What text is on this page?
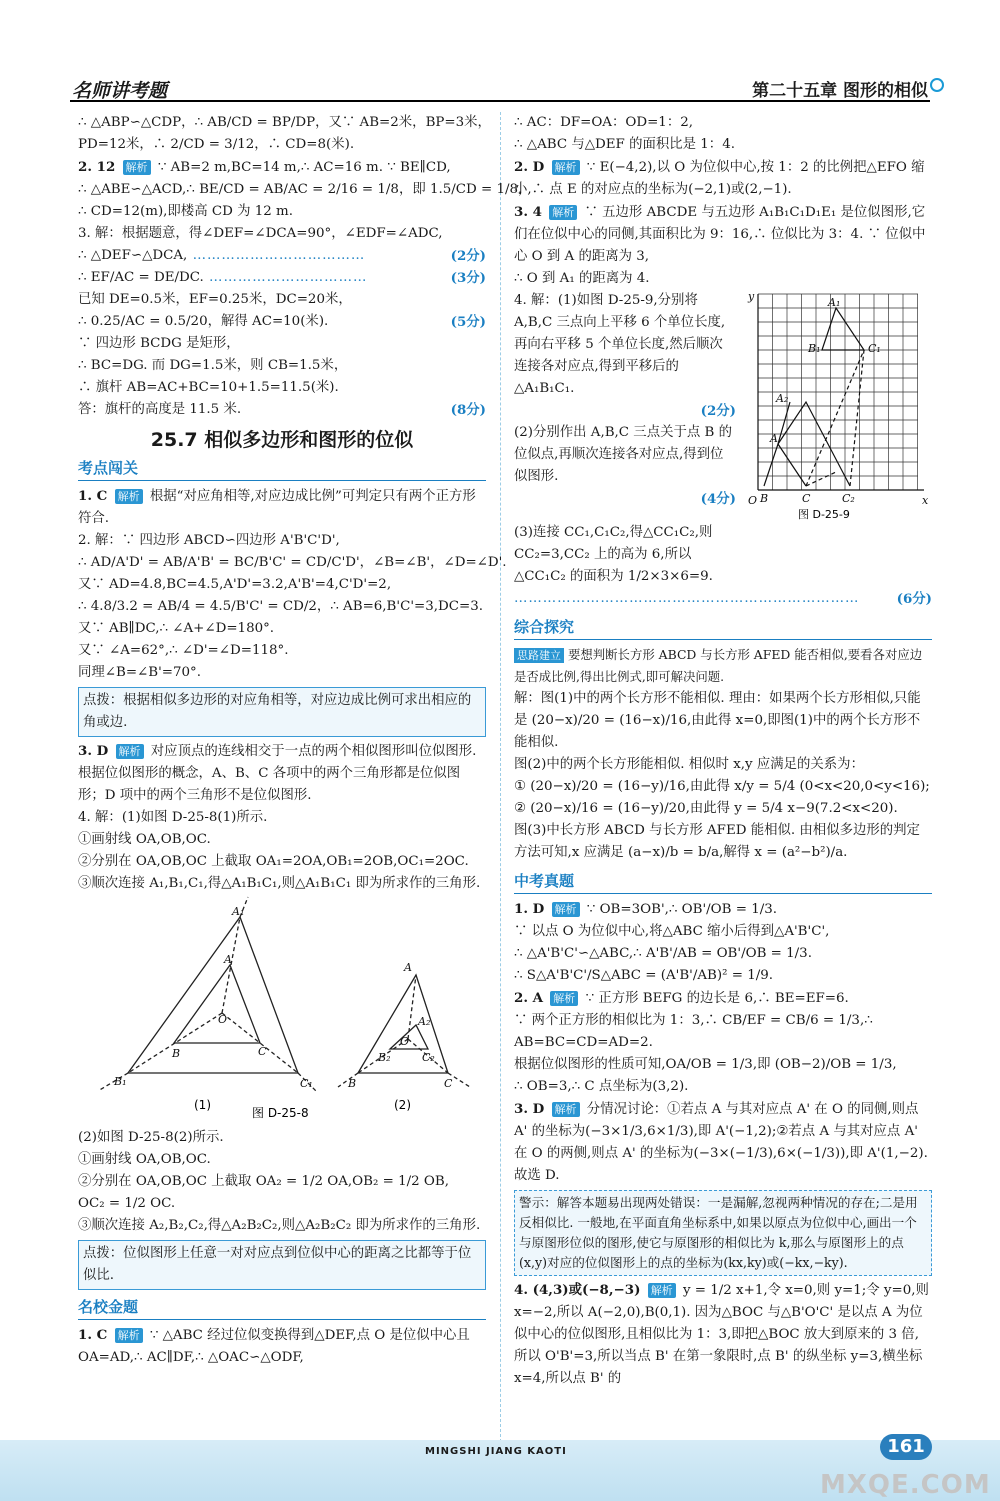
名师讲考题	第二十五章 图形的相似
∴ △ABP∽△CDP，∴ AB/CD = BP/DP，又∵ AB=2米，BP=3米，
PD=12米，∴ 2/CD = 3/12，∴ CD=8(米).
2. 12 解析 ∵ AB=2 m,BC=14 m,∴ AC=16 m. ∵ BE∥CD,
∴ △ABE∽△ACD,∴ BE/CD = AB/AC = 2/16 = 1/8，即 1.5/CD = 1/8，
∴ CD=12(m),即楼高 CD 为 12 m.
3. 解：根据题意，得∠DEF=∠DCA=90°，∠EDF=∠ADC,
∴ △DEF∽△DCA, ………………………………	(2分)
∴ EF/AC = DE/DC. ……………………………	(3分)
已知 DE=0.5米，EF=0.25米，DC=20米，
∴ 0.25/AC = 0.5/20，解得 AC=10(米).	(5分)
∵ 四边形 BCDG 是矩形，
∴ BC=DG. 而 DG=1.5米，则 CB=1.5米，
∴ 旗杆 AB=AC+BC=10+1.5=11.5(米).
答：旗杆的高度是 11.5 米.	(8分)
25.7 相似多边形和图形的位似
考点闯关
1. C 解析 根据“对应角相等,对应边成比例”可判定只有两个正方形符合.
2. 解：∵ 四边形 ABCD∽四边形 A'B'C'D',
∴ AD/A'D' = AB/A'B' = BC/B'C' = CD/C'D'，∠B=∠B'，∠D=∠D'.
又∵ AD=4.8,BC=4.5,A'D'=3.2,A'B'=4,C'D'=2,
∴ 4.8/3.2 = AB/4 = 4.5/B'C' = CD/2，∴ AB=6,B'C'=3,DC=3.
又∵ AB∥DC,∴ ∠A+∠D=180°.
又∵ ∠A=62°,∴ ∠D'=∠D=118°.
同理∠B=∠B'=70°.
点拨：根据相似多边形的对应角相等，对应边成比例可求出相应的角或边.
3. D 解析 对应顶点的连线相交于一点的两个相似图形叫位似图形. 根据位似图形的概念，A、B、C 各项中的两个三角形都是位似图形；D 项中的两个三角形不是位似图形.
4. 解：(1)如图 D-25-8(1)所示.
①画射线 OA,OB,OC.
②分别在 OA,OB,OC 上截取 OA₁=2OA,OB₁=2OB,OC₁=2OC.
③顺次连接 A₁,B₁,C₁,得△A₁B₁C₁,则△A₁B₁C₁ 即为所求作的三角形.
A₁
B₁	C₁
A
B	C
O
A
B	C
A₂
B₂	C₂
O
(1)
图 D-25-8
(2)
(2)如图 D-25-8(2)所示.
①画射线 OA,OB,OC.
②分别在 OA,OB,OC 上截取 OA₂ = 1/2 OA,OB₂ = 1/2 OB,
OC₂ = 1/2 OC.
③顺次连接 A₂,B₂,C₂,得△A₂B₂C₂,则△A₂B₂C₂ 即为所求作的三角形.
点拨：位似图形上任意一对对应点到位似中心的距离之比都等于位似比.
名校金题
1. C 解析 ∵ △ABC 经过位似变换得到△DEF,点 O 是位似中心且 OA=AD,∴ AC∥DF,∴ △OAC∽△ODF,
∴ AC：DF=OA：OD=1：2,
∴ △ABC 与△DEF 的面积比是 1：4.
2. D 解析 ∵ E(−4,2),以 O 为位似中心,按 1：2 的比例把△EFO 缩小,∴ 点 E 的对应点的坐标为(−2,1)或(2,−1).
3. 4 解析 ∵ 五边形 ABCDE 与五边形 A₁B₁C₁D₁E₁ 是位似图形,它们在位似中心的同侧,其面积比为 9：16,∴ 位似比为 3：4. ∵ 位似中心 O 到 A 的距离为 3,
∴ O 到 A₁ 的距离为 4.
4. 解：(1)如图 D-25-9,分别将 A,B,C 三点向上平移 6 个单位长度,再向右平移 5 个单位长度,然后顺次连接各对应点,得到平移后的△A₁B₁C₁.
(2分)
(2)分别作出 A,B,C 三点关于点 B 的位似点,再顺次连接各对应点,得到位似图形.
(4分)
y
x
O
A
B	C
A₁
B₁	C₁
A₂
C₂
图 D-25-9
(3)连接 CC₁,C₁C₂,得△CC₁C₂,则 CC₂=3,CC₂ 上的高为 6,所以△CC₁C₂ 的面积为 1/2×3×6=9.
………………………………………………………………	(6分)
综合探究
思路建立 要想判断长方形 ABCD 与长方形 AFED 能否相似,要看各对应边是否成比例,得出比例式,即可解决问题.
解：图(1)中的两个长方形不能相似. 理由：如果两个长方形相似,只能是 (20−x)/20 = (16−x)/16,由此得 x=0,即图(1)中的两个长方形不能相似.
图(2)中的两个长方形能相似. 相似时 x,y 应满足的关系为：
① (20−x)/20 = (16−y)/16,由此得 x/y = 5/4 (0<x<20,0<y<16);
② (20−x)/16 = (16−y)/20,由此得 y = 5/4 x−9(7.2<x<20).
图(3)中长方形 ABCD 与长方形 AFED 能相似. 由相似多边形的判定方法可知,x 应满足 (a−x)/b = b/a,解得 x = (a²−b²)/a.
中考真题
1. D 解析 ∵ OB=3OB',∴ OB'/OB = 1/3.
∵ 以点 O 为位似中心,将△ABC 缩小后得到△A'B'C',
∴ △A'B'C'∽△ABC,∴ A'B'/AB = OB'/OB = 1/3.
∴ S△A'B'C'/S△ABC = (A'B'/AB)² = 1/9.
2. A 解析 ∵ 正方形 BEFG 的边长是 6,∴ BE=EF=6.
∵ 两个正方形的相似比为 1：3,∴ CB/EF = CB/6 = 1/3,∴ AB=BC=CD=AD=2.
根据位似图形的性质可知,OA/OB = 1/3,即 (OB−2)/OB = 1/3,
∴ OB=3,∴ C 点坐标为(3,2).
3. D 解析 分情况讨论：①若点 A 与其对应点 A' 在 O 的同侧,则点 A' 的坐标为(−3×1/3,6×1/3),即 A'(−1,2);②若点 A 与其对应点 A' 在 O 的两侧,则点 A' 的坐标为(−3×(−1/3),6×(−1/3)),即 A'(1,−2). 故选 D.
警示：解答本题易出现两处错误：一是漏解,忽视两种情况的存在;二是用反相似比. 一般地,在平面直角坐标系中,如果以原点为位似中心,画出一个与原图形位似的图形,使它与原图形的相似比为 k,那么与原图形上的点(x,y)对应的位似图形上的点的坐标为(kx,ky)或(−kx,−ky).
4. (4,3)或(−8,−3) 解析 y = 1/2 x+1,令 x=0,则 y=1;令 y=0,则 x=−2,所以 A(−2,0),B(0,1). 因为△BOC 与△B'O'C' 是以点 A 为位似中心的位似图形,且相似比为 1：3,即把△BOC 放大到原来的 3 倍,所以 O'B'=3,所以当点 B' 在第一象限时,点 B' 的纵坐标 y=3,横坐标 x=4,所以点 B' 的
MINGSHI JIANG KAOTI	161
MXQE.COM
